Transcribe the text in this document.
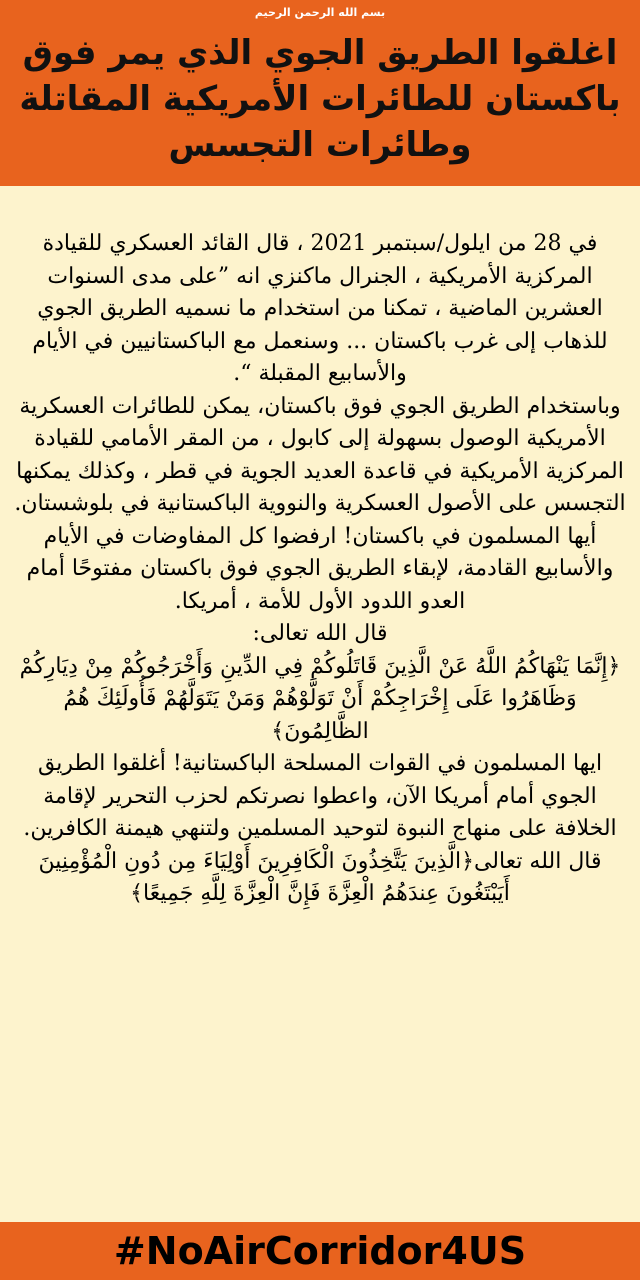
بسم الله الرحمن الرحيم
اغلقوا الطريق الجوي الذي يمر فوق باكستان للطائرات الأمريكية المقاتلة وطائرات التجسس

في 28 من ايلول/سبتمبر 2021 ، قال القائد العسكري للقيادة المركزية الأمريكية ، الجنرال ماكنزي انه ”على مدى السنوات العشرين الماضية ، تمكنا من استخدام ما نسميه الطريق الجوي للذهاب إلى غرب باكستان ... وسنعمل مع الباكستانيين في الأيام والأسابيع المقبلة “.

وباستخدام الطريق الجوي فوق باكستان، يمكن للطائرات العسكرية الأمريكية الوصول بسهولة إلى كابول ، من المقر الأمامي للقيادة المركزية الأمريكية في قاعدة العديد الجوية في قطر ، وكذلك يمكنها التجسس على الأصول العسكرية والنووية الباكستانية في بلوشستان.

أيها المسلمون في باكستان! ارفضوا كل المفاوضات في الأيام والأسابيع القادمة، لإبقاء الطريق الجوي فوق باكستان مفتوحًا أمام العدو اللدود الأول للأمة ، أمريكا.

قال الله تعالى:

﴿إِنَّمَا يَنْهَاكُمُ اللَّهُ عَنْ الَّذِينَ قَاتَلُوكُمْ فِي الدِّينِ وَأَخْرَجُوكُمْ مِنْ دِيَارِكُمْ وَظَاهَرُوا عَلَى إِخْرَاجِكُمْ أَنْ تَوَلَّوْهُمْ وَمَنْ يَتَوَلَّهُمْ فَأُولَئِكَ هُمُ الظَّالِمُونَ﴾

ايها المسلمون في القوات المسلحة الباكستانية! أغلقوا الطريق الجوي أمام أمريكا الآن، واعطوا نصرتكم لحزب التحرير لإقامة الخلافة على منهاج النبوة لتوحيد المسلمين ولتنهي هيمنة الكافرين.

قال الله تعالى﴿الَّذِينَ يَتَّخِذُونَ الْكَافِرِينَ أَوْلِيَاءَ مِن دُونِ الْمُؤْمِنِينَ أَيَبْتَغُونَ عِندَهُمُ الْعِزَّةَ فَإِنَّ الْعِزَّةَ لِلَّهِ جَمِيعًا﴾

#NoAirCorridor4US
